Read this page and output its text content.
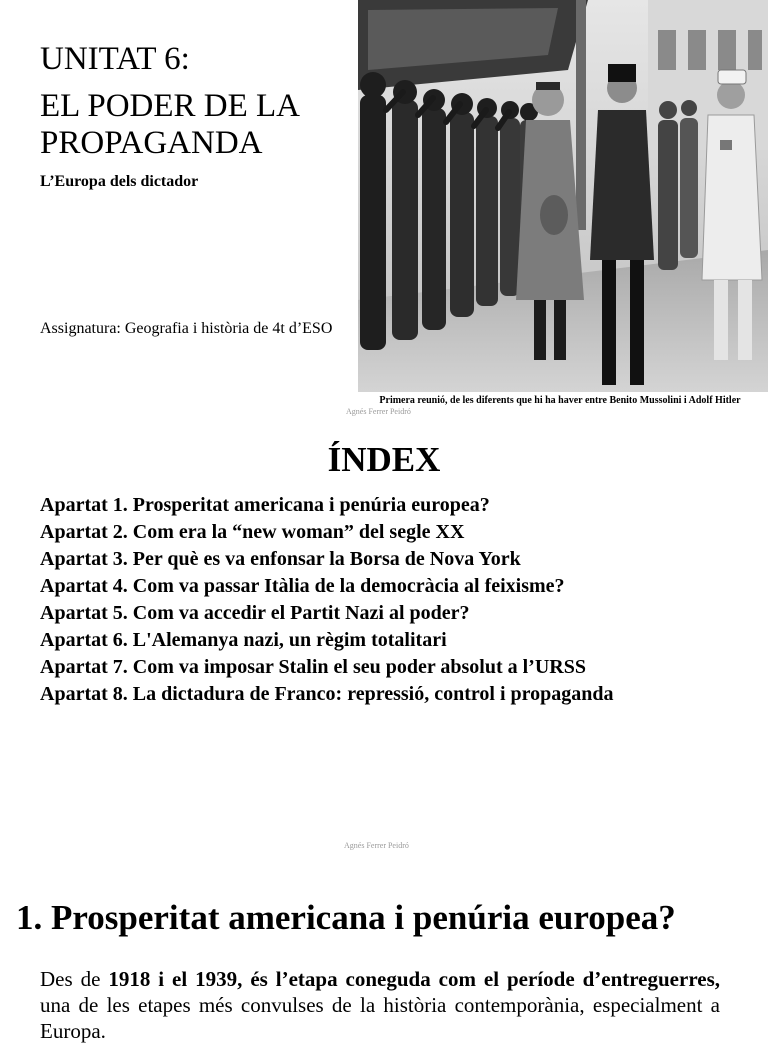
UNITAT 6:
EL PODER DE LA PROPAGANDA

L’Europa dels dictador

Assignatura: Geografia i història de 4t d’ESO

Primera reunió, de les diferents que hi ha haver entre Benito Mussolini i Adolf Hitler

Agnés Ferrer Peidró
ÍNDEX
Apartat 1. Prosperitat americana i penúria europea?
Apartat 2. Com era la “new woman” del segle XX
Apartat 3. Per què es va enfonsar la Borsa de Nova York
Apartat 4. Com va passar Itàlia de la democràcia al feixisme?
Apartat 5. Com va accedir el Partit Nazi al poder?
Apartat 6. L'Alemanya nazi, un règim totalitari
Apartat 7. Com va imposar Stalin el seu poder absolut a l’URSS
Apartat 8. La dictadura de Franco: repressió, control i propaganda
Agnés Ferrer Peidró
1. Prosperitat americana i penúria europea?

Des de 1918 i el 1939, és l’etapa coneguda com el període d’entreguerres, una de les etapes més convulses de la història contemporània, especialment a Europa.
